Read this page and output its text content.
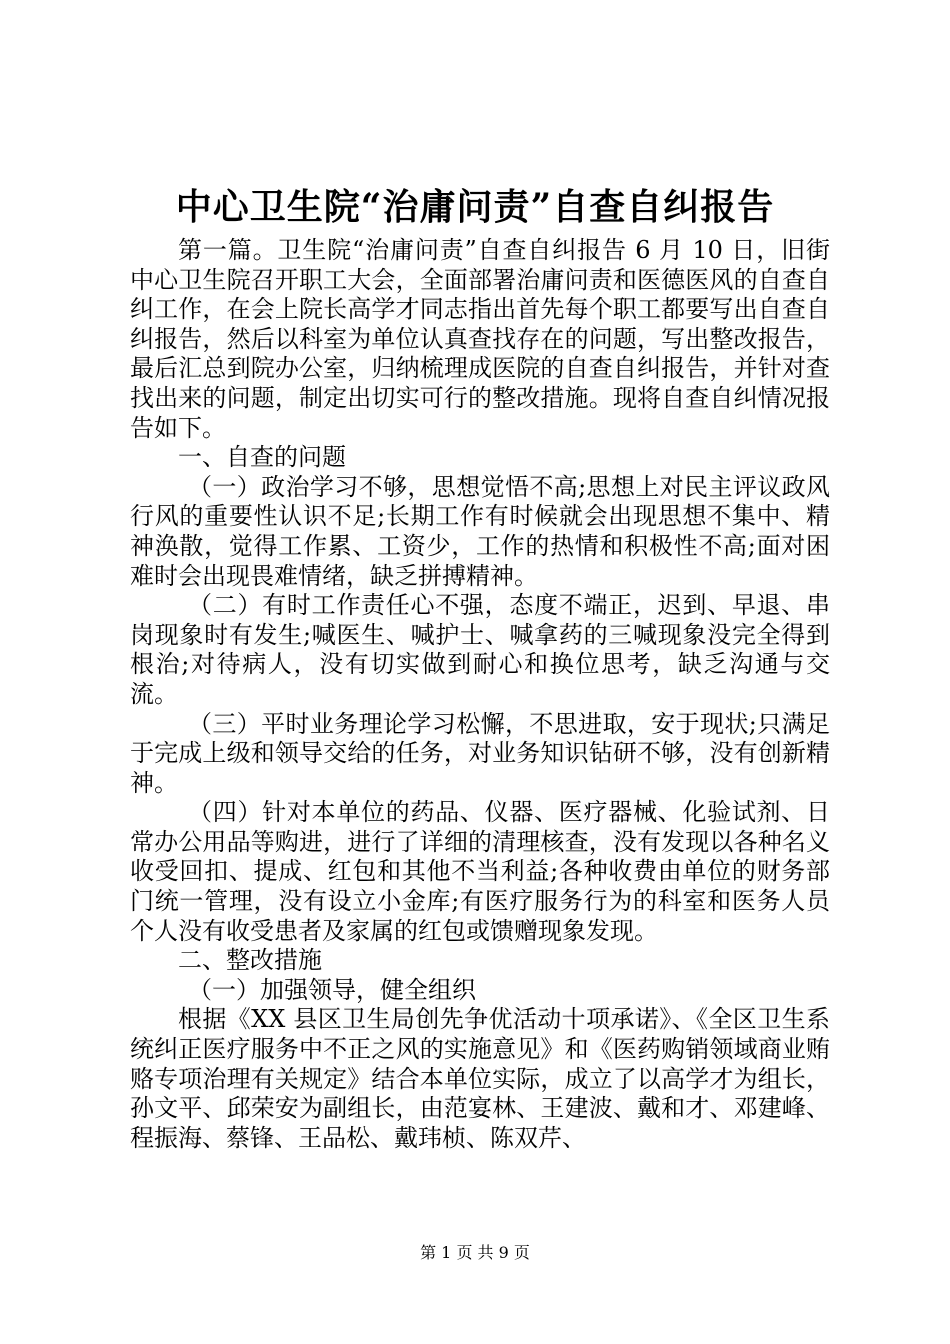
中心卫生院“治庸问责”自查自纠报告

第一篇。卫生院“治庸问责”自查自纠报告 6 月 10 日，旧街中心卫生院召开职工大会，全面部署治庸问责和医德医风的自查自纠工作，在会上院长高学才同志指出首先每个职工都要写出自查自纠报告，然后以科室为单位认真查找存在的问题，写出整改报告，最后汇总到院办公室，归纳梳理成医院的自查自纠报告，并针对查找出来的问题，制定出切实可行的整改措施。现将自查自纠情况报告如下。

一、自查的问题

（一）政治学习不够，思想觉悟不高;思想上对民主评议政风行风的重要性认识不足;长期工作有时候就会出现思想不集中、精神涣散，觉得工作累、工资少，工作的热情和积极性不高;面对困难时会出现畏难情绪，缺乏拼搏精神。

（二）有时工作责任心不强，态度不端正，迟到、早退、串岗现象时有发生;喊医生、喊护士、喊拿药的三喊现象没完全得到根治;对待病人，没有切实做到耐心和换位思考，缺乏沟通与交流。

（三）平时业务理论学习松懈，不思进取，安于现状;只满足于完成上级和领导交给的任务，对业务知识钻研不够，没有创新精神。

（四）针对本单位的药品、仪器、医疗器械、化验试剂、日常办公用品等购进，进行了详细的清理核查，没有发现以各种名义收受回扣、提成、红包和其他不当利益;各种收费由单位的财务部门统一管理，没有设立小金库;有医疗服务行为的科室和医务人员个人没有收受患者及家属的红包或馈赠现象发现。

二、整改措施

（一）加强领导，健全组织

根据《XX 县区卫生局创先争优活动十项承诺》、《全区卫生系统纠正医疗服务中不正之风的实施意见》和《医药购销领域商业贿赂专项治理有关规定》结合本单位实际，成立了以高学才为组长，孙文平、邱荣安为副组长，由范宴林、王建波、戴和才、邓建峰、程振海、蔡锋、王品松、戴玮桢、陈双芹、

第 1 页 共 9 页
